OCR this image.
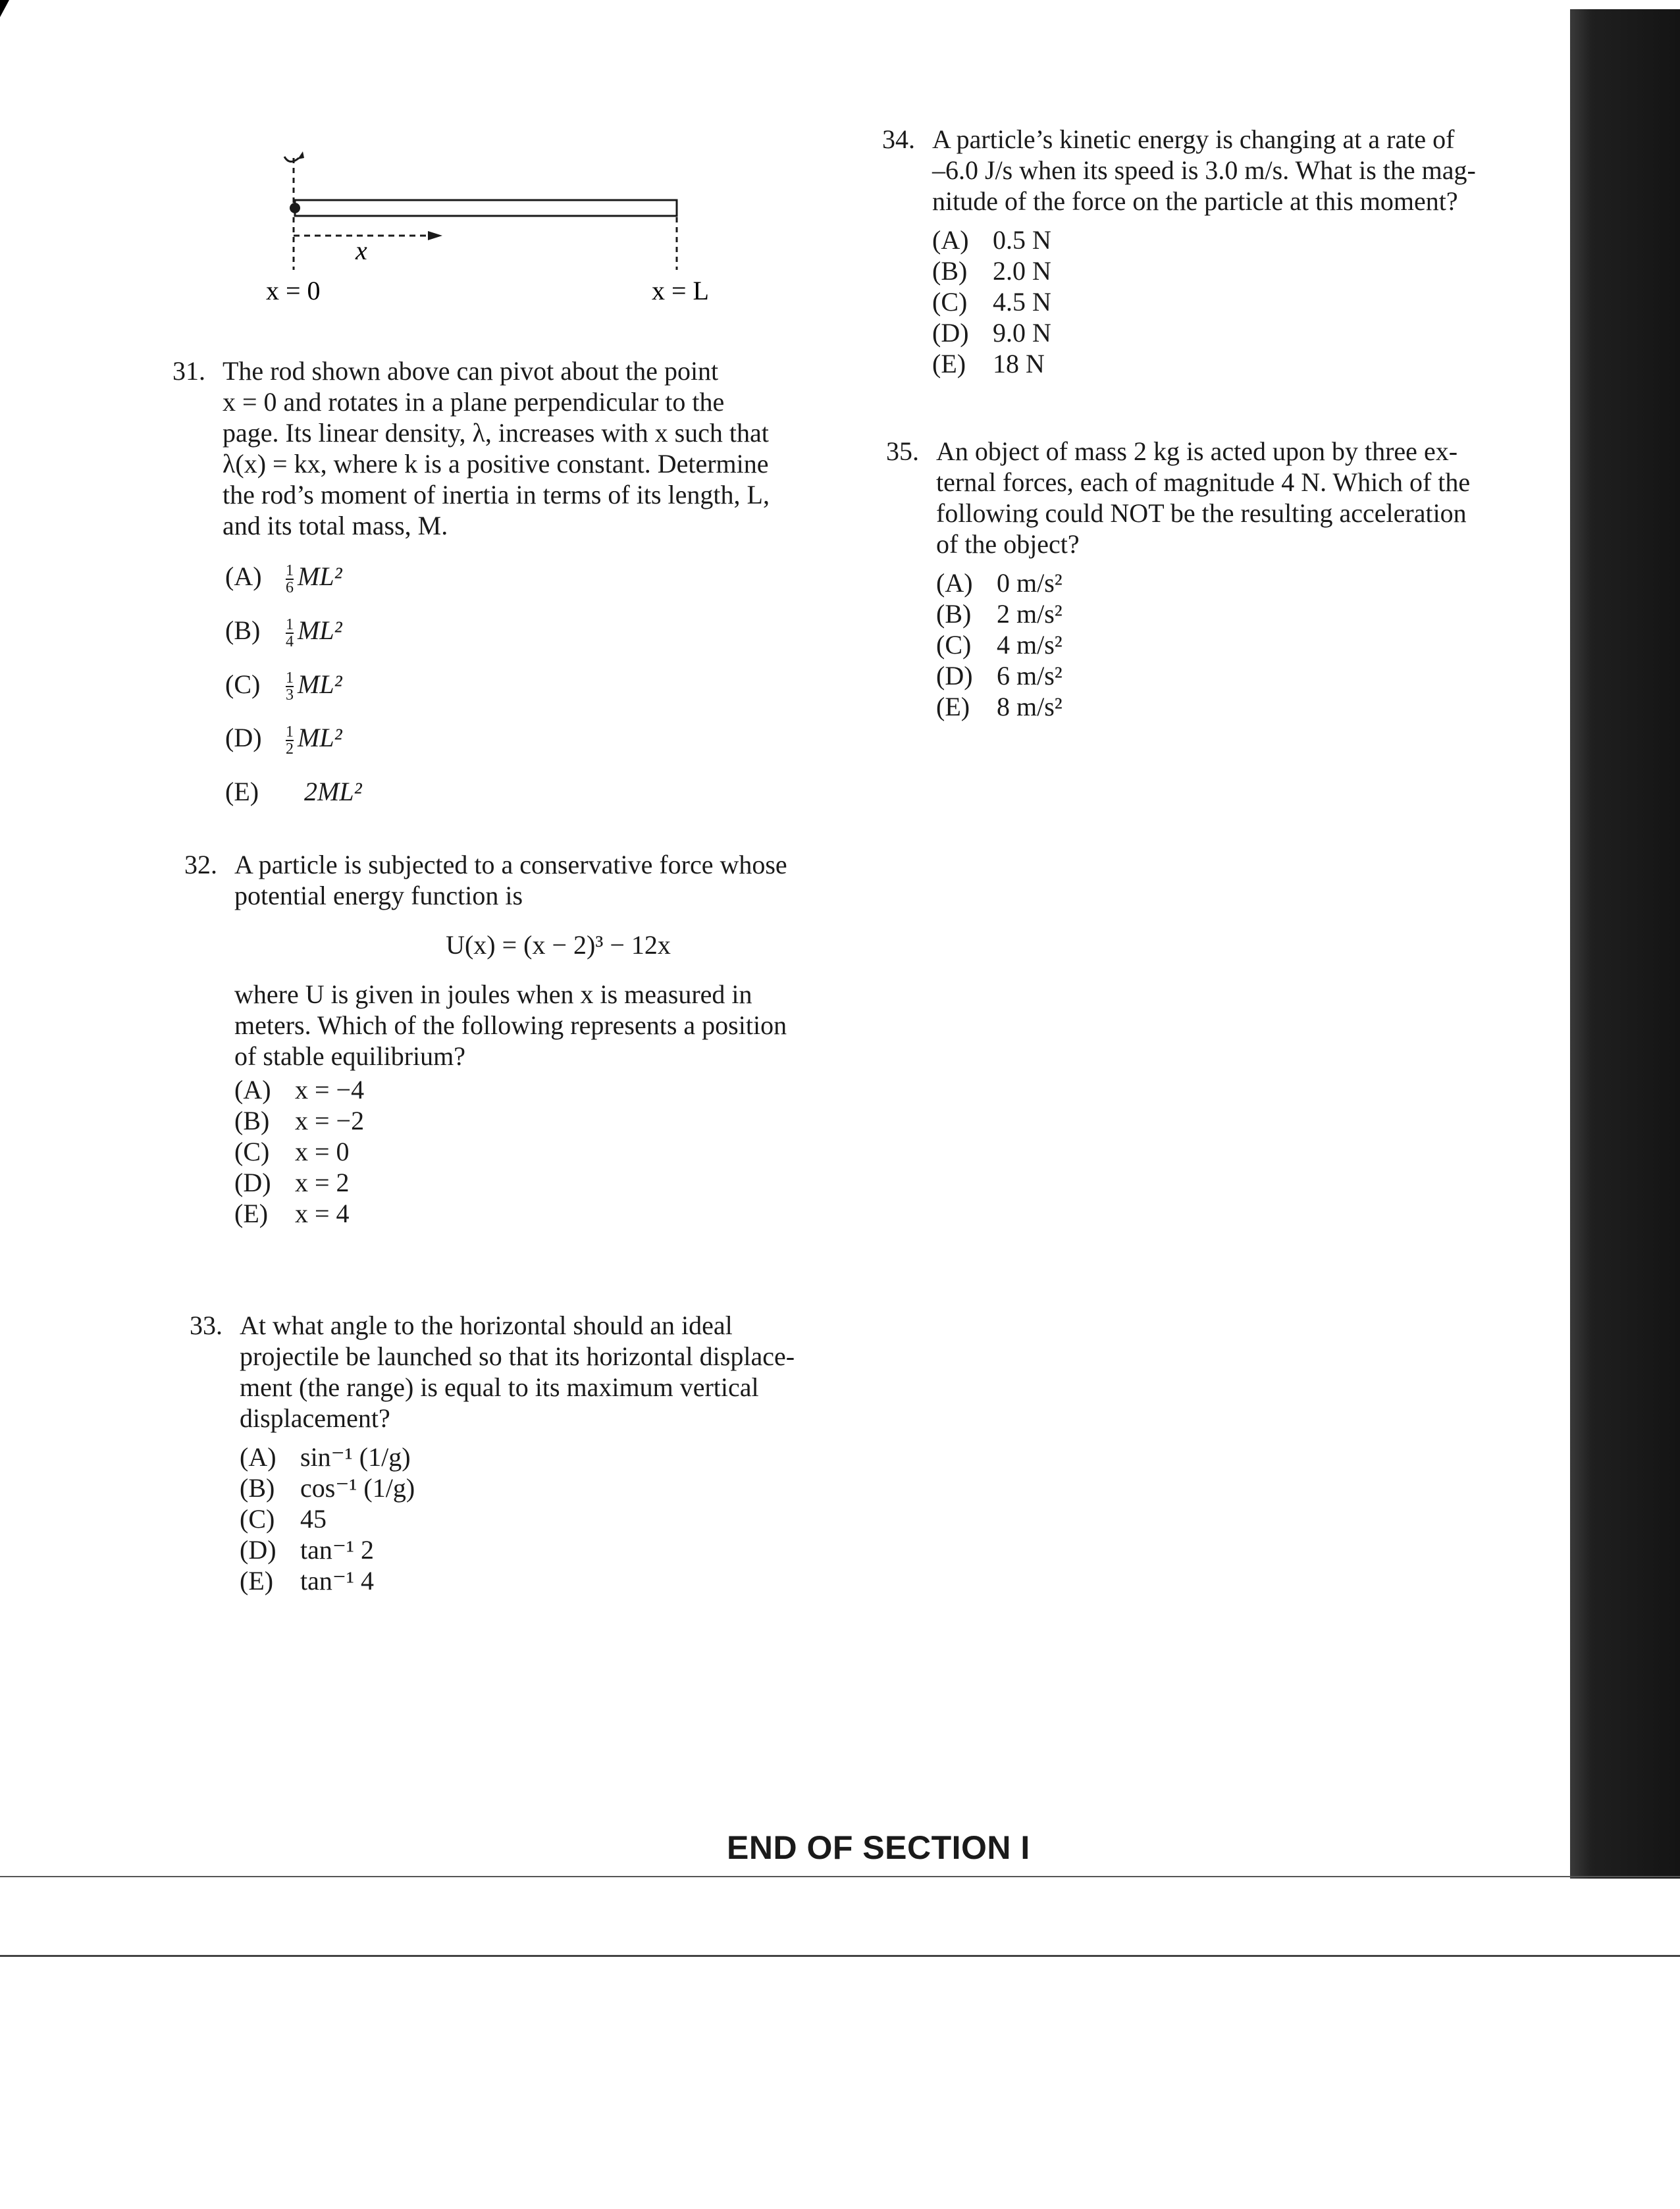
x
x = 0	x = L
31. The rod shown above can pivot about the point
x = 0 and rotates in a plane perpendicular to the
page. Its linear density, λ, increases with x such that
λ(x) = kx, where k is a positive constant. Determine
the rod’s moment of inertia in terms of its length, L,
and its total mass, M.
$(A) \frac{1}{6} ML^2$
$(B) \frac{1}{4} ML^2$
$(C) \frac{1}{3} ML^2$
$(D) \frac{1}{2} ML^2$
(E) 2ML²
32. A particle is subjected to a conservative force whose
potential energy function is
U(x) = (x − 2)³ − 12x
where U is given in joules when x is measured in
meters. Which of the following represents a position
of stable equilibrium?
(A) x = −4
(B) x = −2
(C) x = 0
(D) x = 2
(E) x = 4
33. At what angle to the horizontal should an ideal
projectile be launched so that its horizontal displace-
ment (the range) is equal to its maximum vertical
displacement?
(A) sin⁻¹ (1/g)
(B) cos⁻¹ (1/g)
(C) 45
(D) tan⁻¹ 2
(E) tan⁻¹ 4
34. A particle’s kinetic energy is changing at a rate of
–6.0 J/s when its speed is 3.0 m/s. What is the mag-
nitude of the force on the particle at this moment?
(A) 0.5 N
(B) 2.0 N
(C) 4.5 N
(D) 9.0 N
(E) 18 N
35. An object of mass 2 kg is acted upon by three ex-
ternal forces, each of magnitude 4 N. Which of the
following could NOT be the resulting acceleration
of the object?
(A) 0 m/s²
(B) 2 m/s²
(C) 4 m/s²
(D) 6 m/s²
(E) 8 m/s²
END OF SECTION I
